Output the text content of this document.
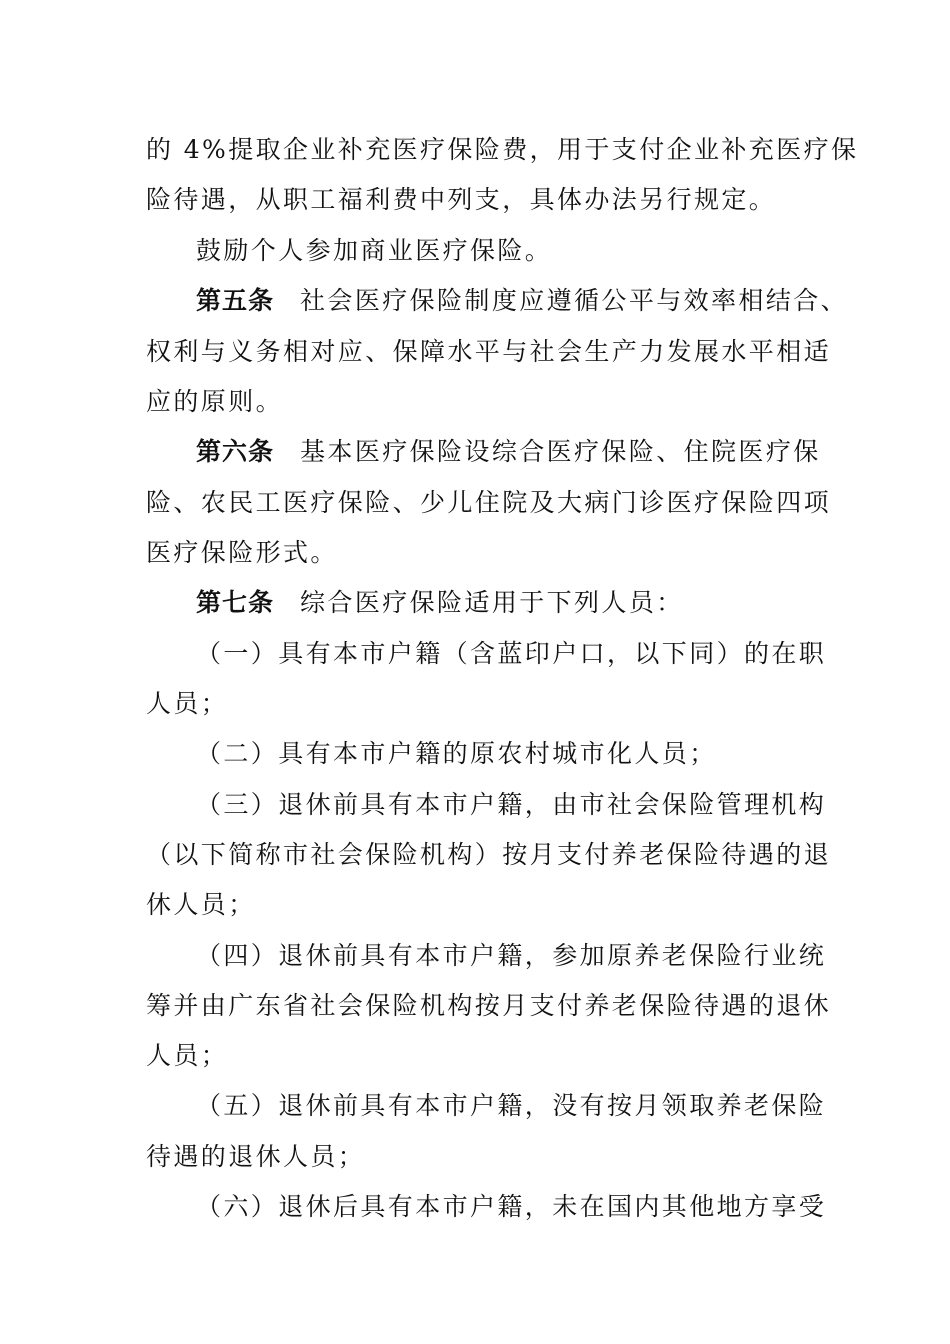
的 4%提取企业补充医疗保险费，用于支付企业补充医疗保
险待遇，从职工福利费中列支，具体办法另行规定。
鼓励个人参加商业医疗保险。
第五条 社会医疗保险制度应遵循公平与效率相结合、
权利与义务相对应、保障水平与社会生产力发展水平相适
应的原则。
第六条 基本医疗保险设综合医疗保险、住院医疗保
险、农民工医疗保险、少儿住院及大病门诊医疗保险四项
医疗保险形式。
第七条 综合医疗保险适用于下列人员：
（一）具有本市户籍（含蓝印户口，以下同）的在职
人员；
（二）具有本市户籍的原农村城市化人员；
（三）退休前具有本市户籍，由市社会保险管理机构
（以下简称市社会保险机构）按月支付养老保险待遇的退
休人员；
（四）退休前具有本市户籍，参加原养老保险行业统
筹并由广东省社会保险机构按月支付养老保险待遇的退休
人员；
（五）退休前具有本市户籍，没有按月领取养老保险
待遇的退休人员；
（六）退休后具有本市户籍，未在国内其他地方享受
